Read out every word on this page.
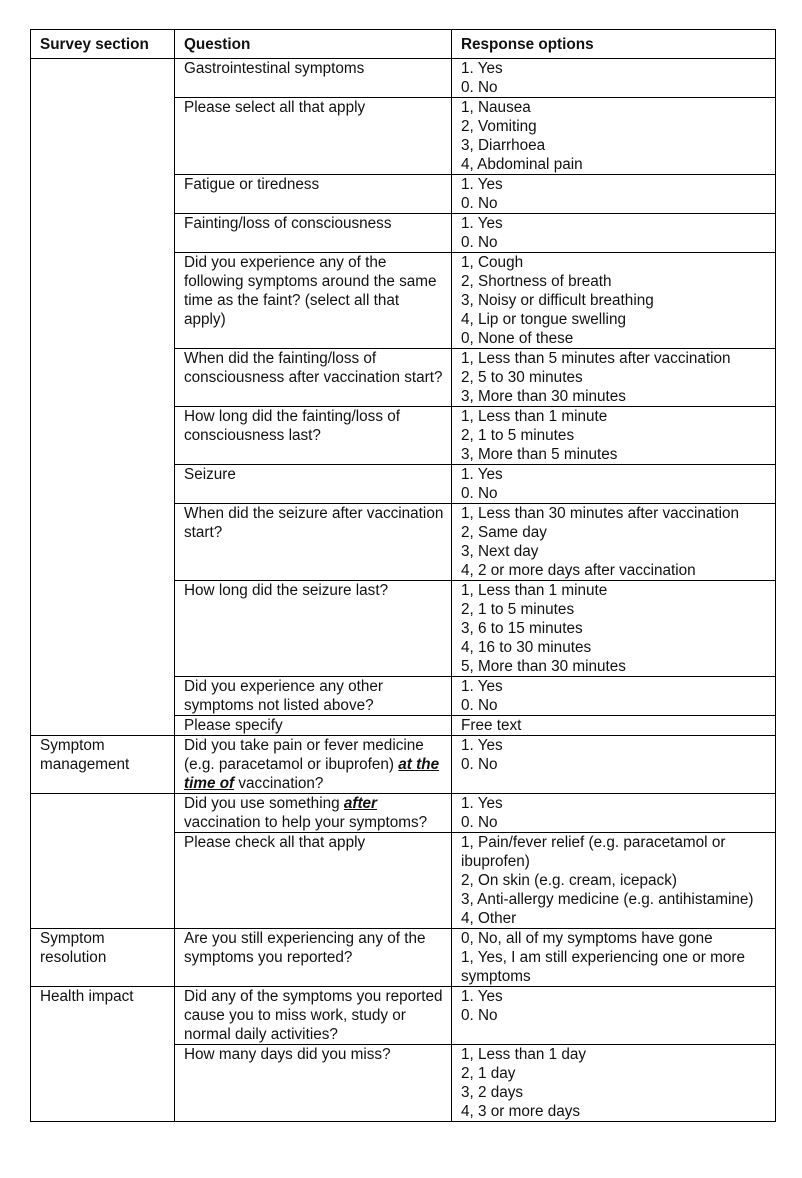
Survey section	Question	Response options
	Gastrointestinal symptoms	1. Yes
0. No
	Please select all that apply	1, Nausea
2, Vomiting
3, Diarrhoea
4, Abdominal pain
	Fatigue or tiredness	1. Yes
0. No
	Fainting/loss of consciousness	1. Yes
0. No
	Did you experience any of the following symptoms around the same time as the faint? (select all that apply)	1, Cough
2, Shortness of breath
3, Noisy or difficult breathing
4, Lip or tongue swelling
0, None of these
	When did the fainting/loss of consciousness after vaccination start?	1, Less than 5 minutes after vaccination
2, 5 to 30 minutes
3, More than 30 minutes
	How long did the fainting/loss of consciousness last?	1, Less than 1 minute
2, 1 to 5 minutes
3, More than 5 minutes
	Seizure	1. Yes
0. No
	When did the seizure after vaccination start?	1, Less than 30 minutes after vaccination
2, Same day
3, Next day
4, 2 or more days after vaccination
	How long did the seizure last?	1, Less than 1 minute
2, 1 to 5 minutes
3, 6 to 15 minutes
4, 16 to 30 minutes
5, More than 30 minutes
	Did you experience any other symptoms not listed above?	1. Yes
0. No
	Please specify	Free text
Symptom
management	Did you take pain or fever medicine (e.g. paracetamol or ibuprofen) at the time of vaccination?	1. Yes
0. No
	Did you use something after vaccination to help your symptoms?	1. Yes
0. No
	Please check all that apply	1, Pain/fever relief (e.g. paracetamol or ibuprofen)
2, On skin (e.g. cream, icepack)
3, Anti-allergy medicine (e.g. antihistamine)
4, Other
Symptom
resolution	Are you still experiencing any of the symptoms you reported?	0, No, all of my symptoms have gone
1, Yes, I am still experiencing one or more symptoms
Health impact	Did any of the symptoms you reported cause you to miss work, study or normal daily activities?	1. Yes
0. No
	How many days did you miss?	1, Less than 1 day
2, 1 day
3, 2 days
4, 3 or more days
